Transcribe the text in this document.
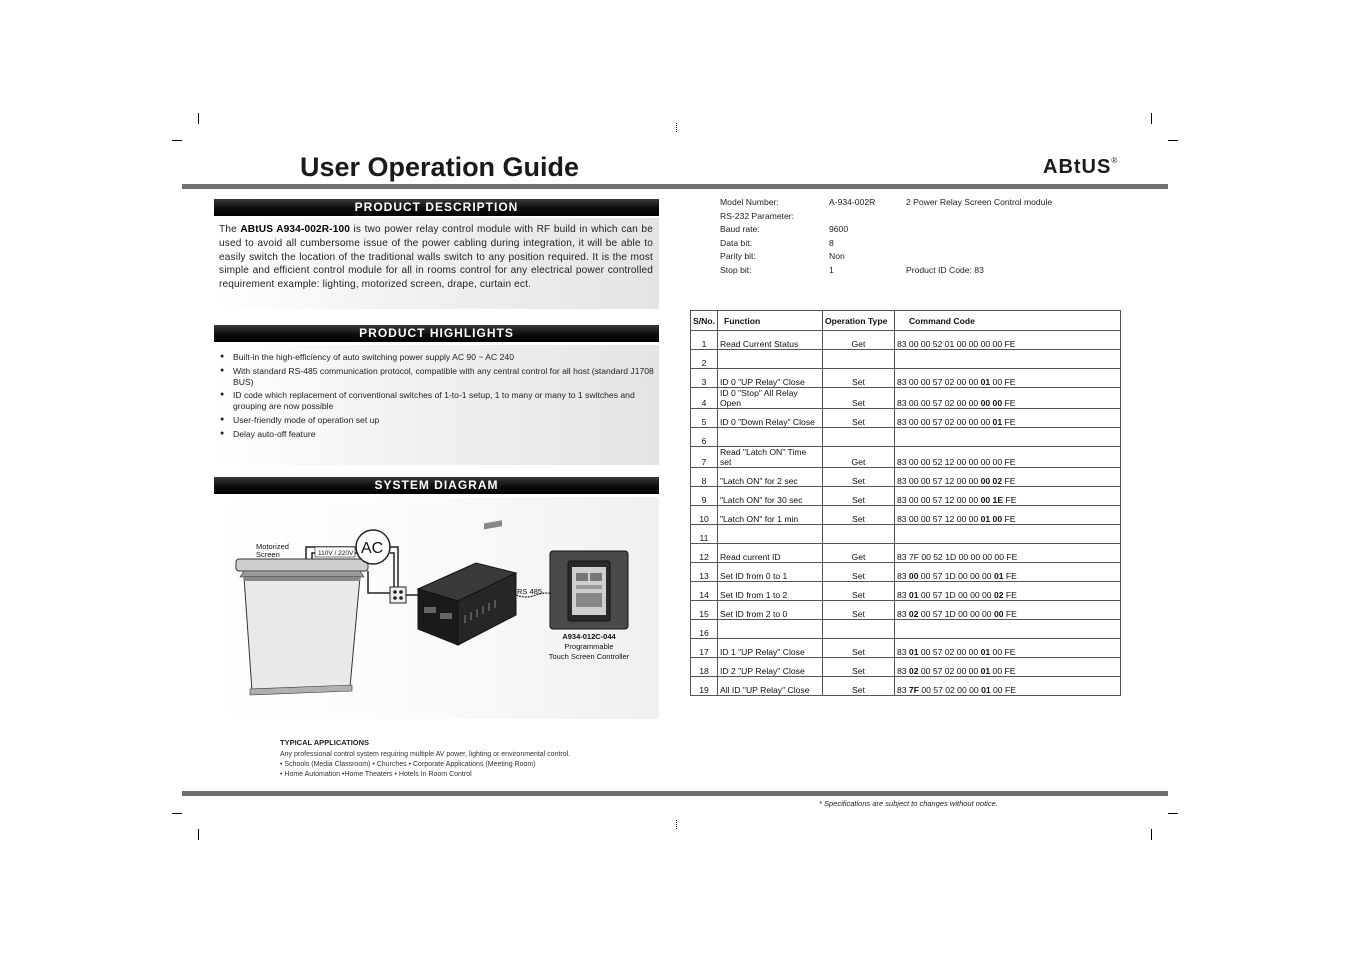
User Operation Guide	ABtUS®
PRODUCT DESCRIPTION

The ABtUS A934-002R-100 is two power relay control module with RF build in which can be used to avoid all cumbersome issue of the power cabling during integration, it will be able to easily switch the location of the traditional walls switch to any position required. It is the most simple and efficient control module for all in rooms control for any electrical power controlled requirement example: lighting, motorized screen, drape, curtain ect.

PRODUCT HIGHLIGHTS
● Built-in the high-efficiency of auto switching power supply AC 90 ~ AC 240
● With standard RS-485 communication protocol, compatible with any central control for all host (standard J1708 BUS)
● ID code which replacement of conventional switches of 1-to-1 setup, 1 to many or many to 1 switches and grouping are now possible
● User-friendly mode of operation set up
● Delay auto-off feature
SYSTEM DIAGRAM
Motorized
Screen	110V / 220V AC
RS 485
A934-012C-044
Programmable
Touch Screen Controller

TYPICAL APPLICATIONS

Any professional control system requiring multiple AV power, lighting or environmental control.

• Schools (Media Classroom) • Churches • Corporate Applications (Meeting Room)

• Home Automation •Home Theaters • Hotels In Room Control

Model Number:	A-934-002R	2 Power Relay Screen Control module
RS-232 Parameter:
Baud rate:	9600
Data bit:	8
Parity bit:	Non
Stop bit:	1	Product ID Code: 83
S/No.	Function	Operation Type	Command Code
1	Read Current Status	Get	83 00 00 52 01 00 00 00 00 FE
2			
3	ID 0 "UP Relay" Close	Set	83 00 00 57 02 00 00 01 00 FE
4	ID 0 "Stop" All Relay Open	Set	83 00 00 57 02 00 00 00 00 FE
5	ID 0 "Down Relay" Close	Set	83 00 00 57 02 00 00 00 01 FE
6			
7	Read "Latch ON" Time set	Get	83 00 00 52 12 00 00 00 00 FE
8	"Latch ON" for 2 sec	Set	83 00 00 57 12 00 00 00 02 FE
9	"Latch ON" for 30 sec	Set	83 00 00 57 12 00 00 00 1E FE
10	"Latch ON" for 1 min	Set	83 00 00 57 12 00 00 01 00 FE
11			
12	Read current ID	Get	83 7F 00 52 1D 00 00 00 00 FE
13	Set ID from 0 to 1	Set	83 00 00 57 1D 00 00 00 01 FE
14	Set ID from 1 to 2	Set	83 01 00 57 1D 00 00 00 02 FE
15	Set ID from 2 to 0	Set	83 02 00 57 1D 00 00 00 00 FE
16			
17	ID 1 "UP Relay" Close	Set	83 01 00 57 02 00 00 01 00 FE
18	ID 2 "UP Relay" Close	Set	83 02 00 57 02 00 00 01 00 FE
19	All ID "UP Relay" Close	Set	83 7F 00 57 02 00 00 01 00 FE
* Specifications are subject to changes without notice.
